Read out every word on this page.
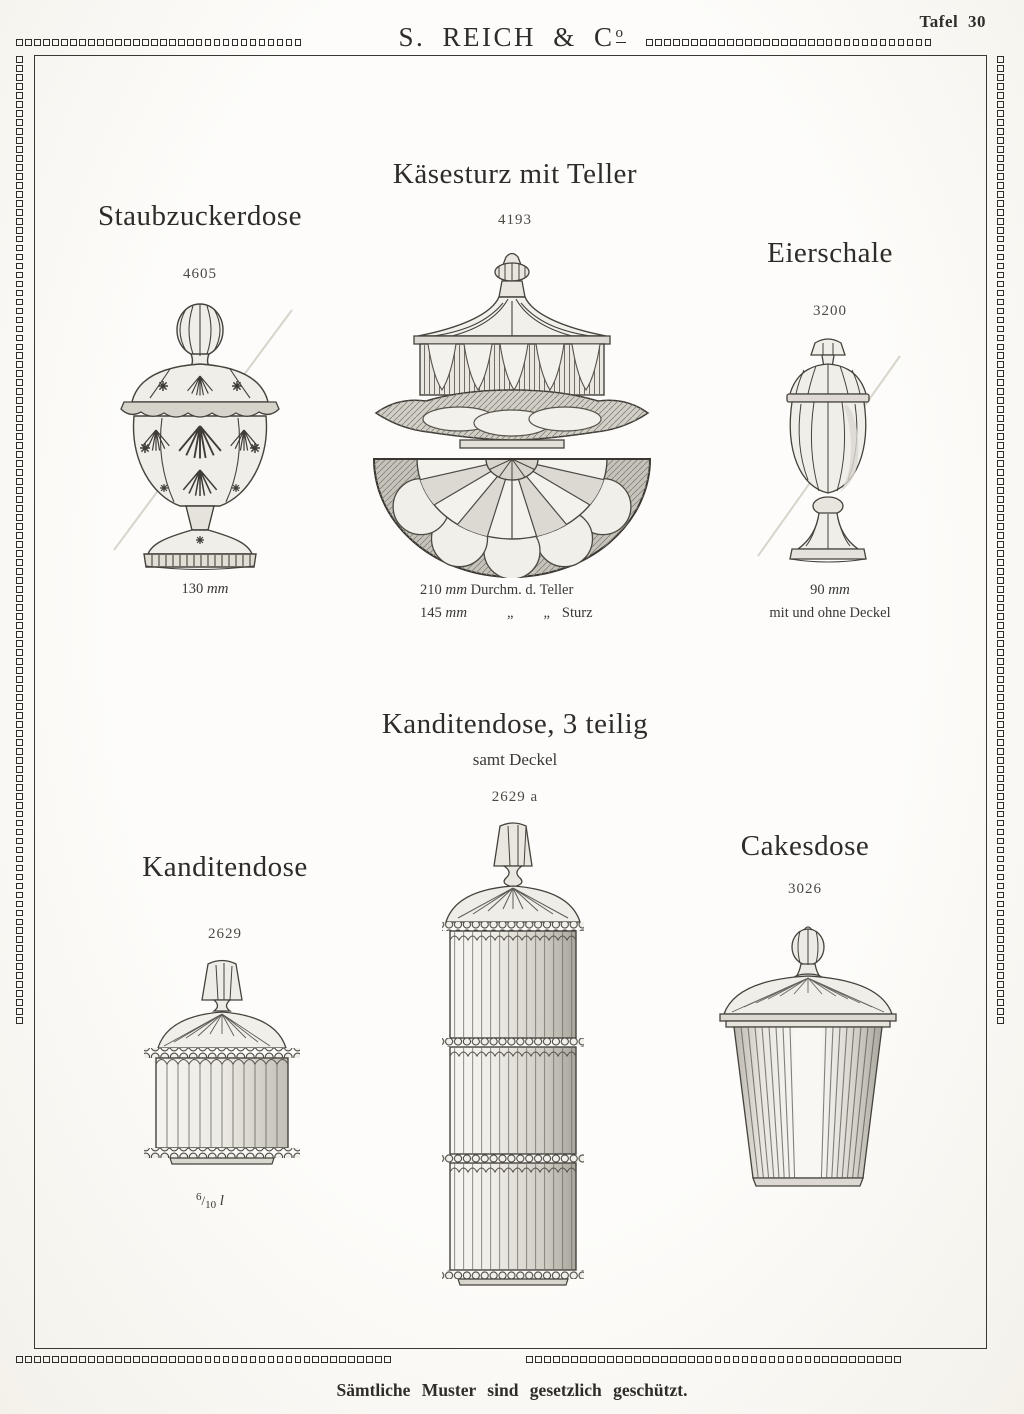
Tafel 30
S. REICH & Co
Staubzuckerdose
4605
Käsesturz mit Teller
4193
Eierschale
3200
130 mm	210 mm Durchm. d. Teller
145 mm	„ „ Sturz
90 mm
mit und ohne Deckel
Kanditendose, 3 teilig
samt Deckel
2629 a
Kanditendose
2629
Cakesdose
3026
$^6/_{10}$ l
Sämtliche Muster sind gesetzlich geschützt.
